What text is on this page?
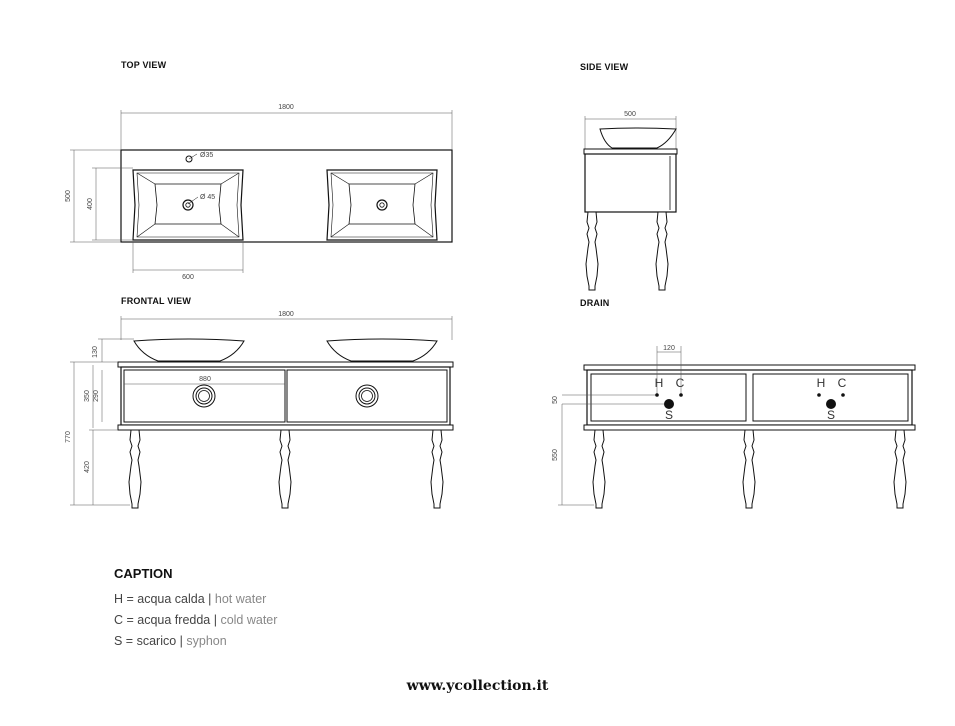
1800
500
400
600
Ø35
Ø 45
500
1800
880
130
770
350 290
420
120
50
550
H C
S
H C
S
TOP VIEW	SIDE VIEW
FRONTAL VIEW	DRAIN
CAPTION
H = acqua calda | hot water
C = acqua fredda | cold water
S = scarico | syphon
www.ycollection.it
